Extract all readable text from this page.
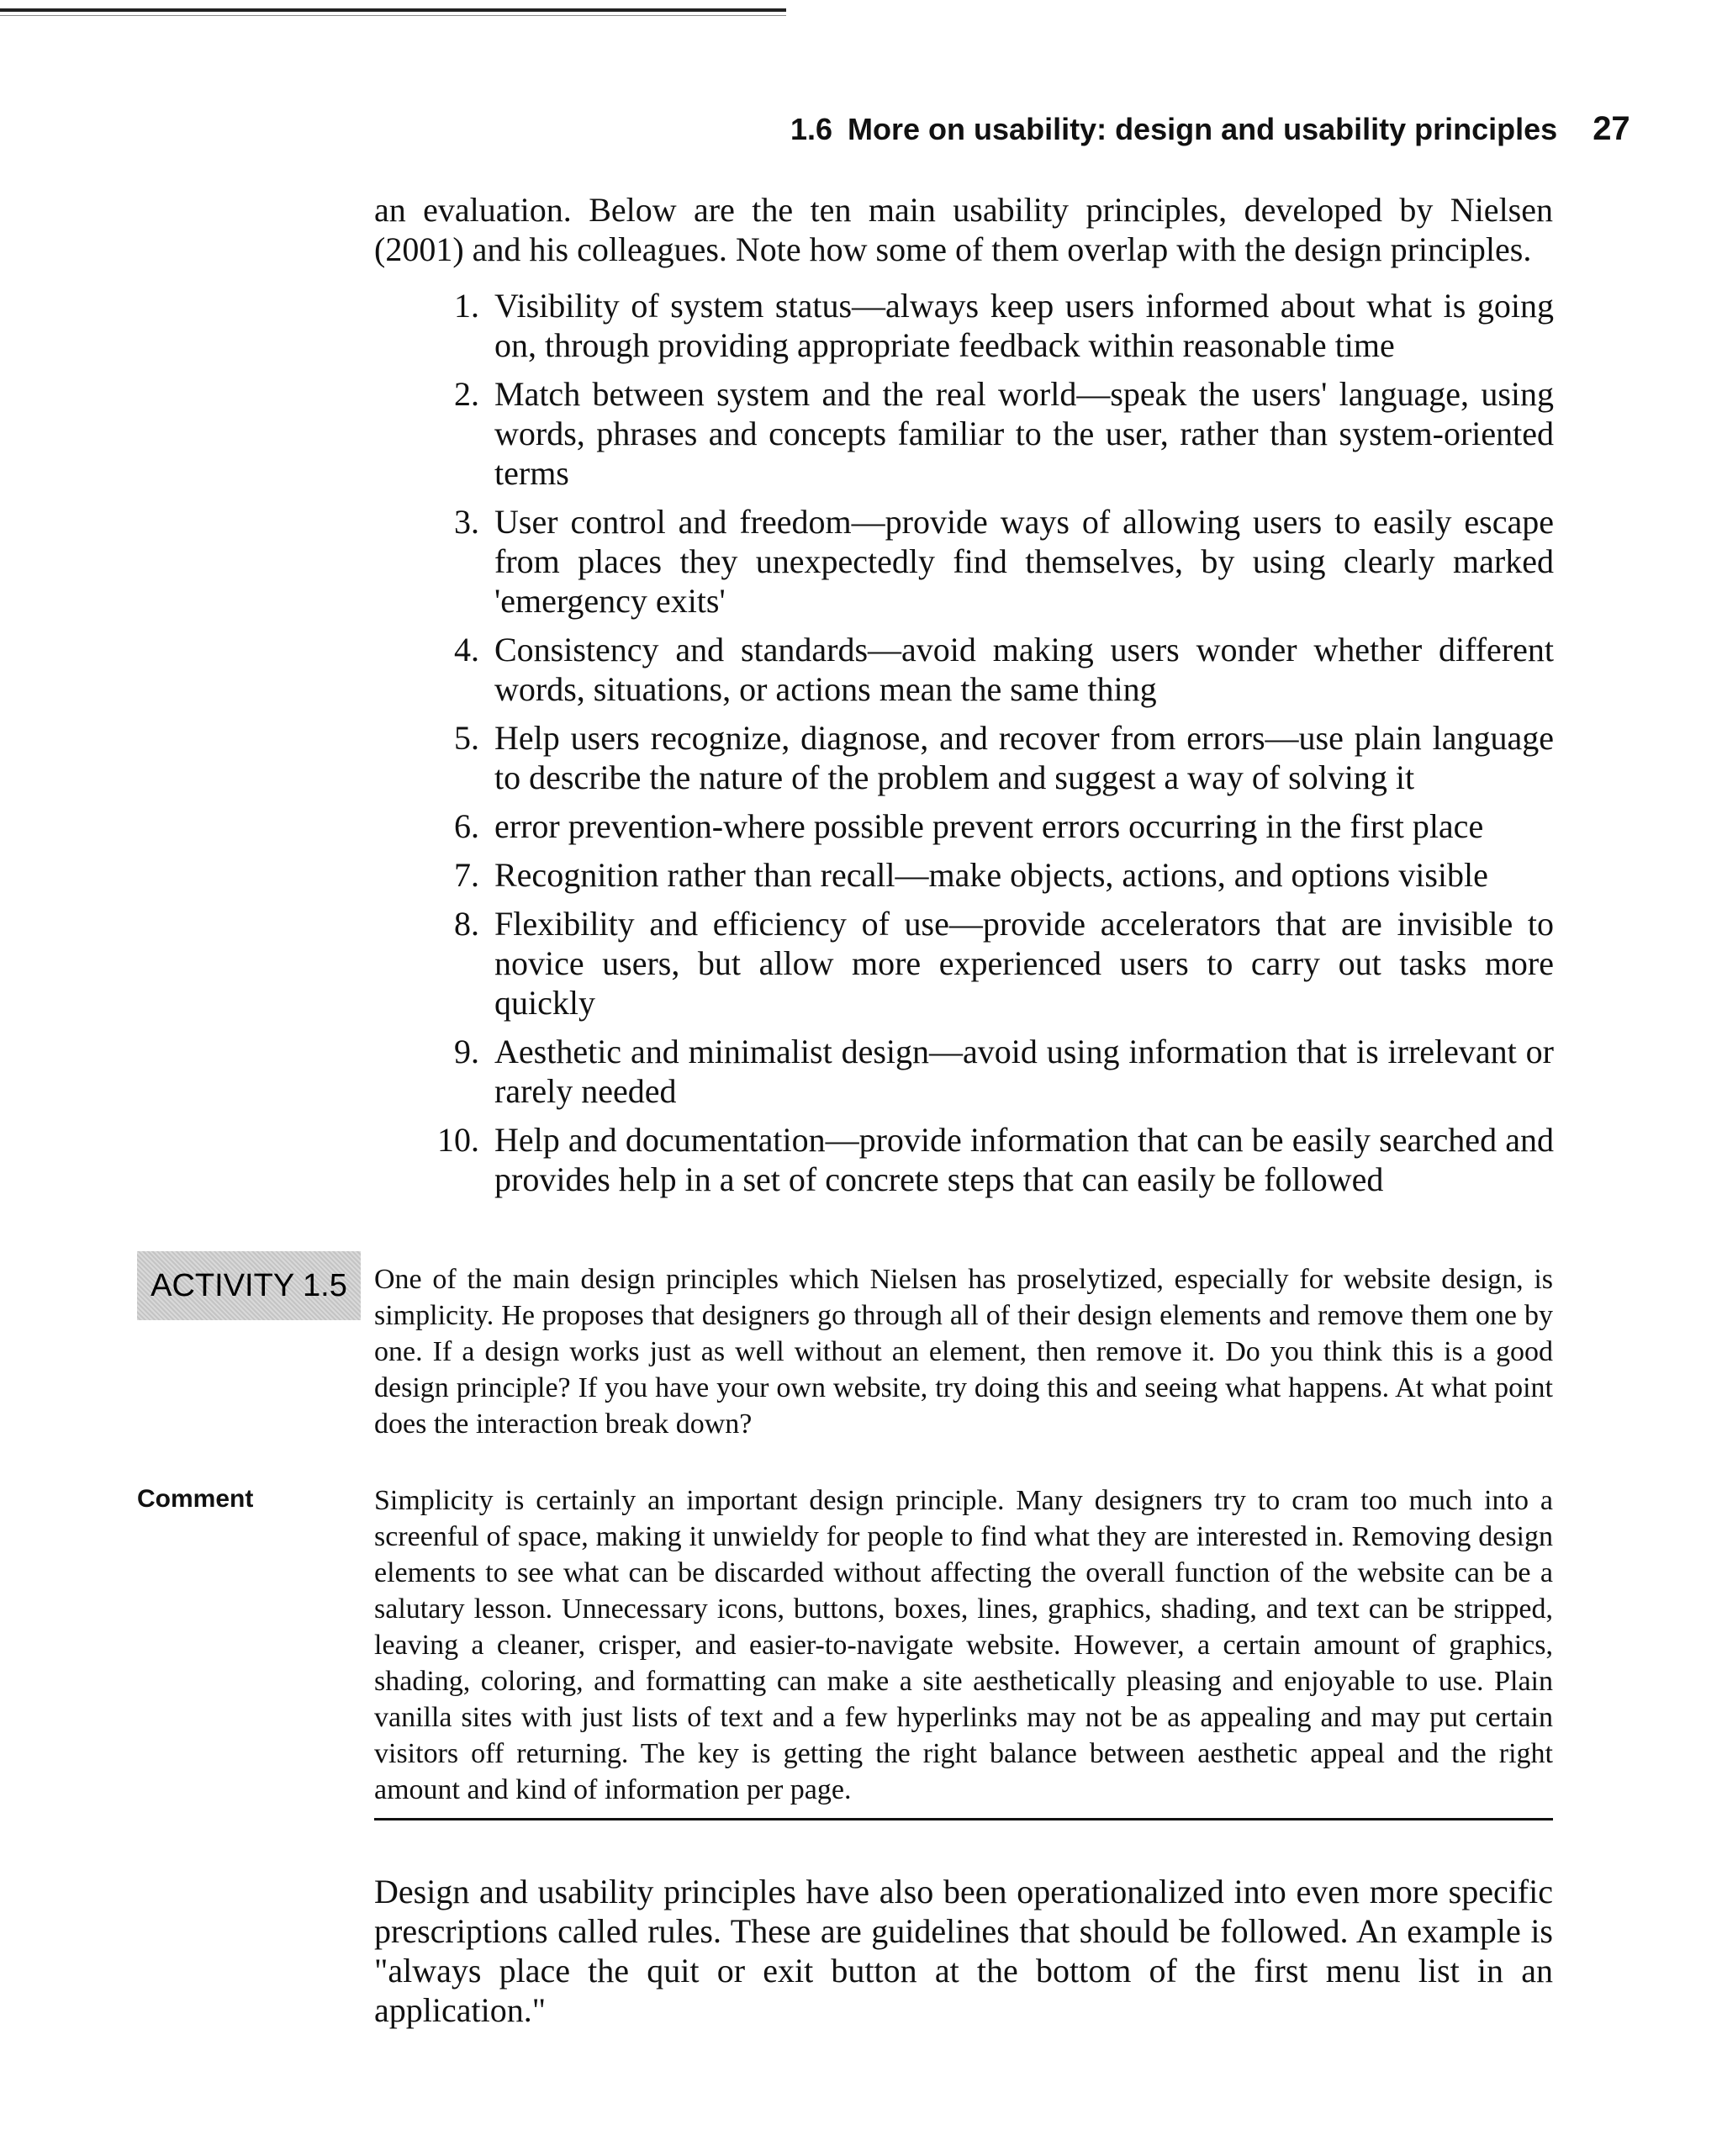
1.6 More on usability: design and usability principles 27

an evaluation. Below are the ten main usability principles, developed by Nielsen (2001) and his colleagues. Note how some of them overlap with the design principles.

1. Visibility of system status—always keep users informed about what is going on, through providing appropriate feedback within reasonable time
2. Match between system and the real world—speak the users' language, using words, phrases and concepts familiar to the user, rather than system-oriented terms
3. User control and freedom—provide ways of allowing users to easily escape from places they unexpectedly find themselves, by using clearly marked 'emergency exits'
4. Consistency and standards—avoid making users wonder whether different words, situations, or actions mean the same thing
5. Help users recognize, diagnose, and recover from errors—use plain language to describe the nature of the problem and suggest a way of solving it
6. error prevention-where possible prevent errors occurring in the first place
7. Recognition rather than recall—make objects, actions, and options visible
8. Flexibility and efficiency of use—provide accelerators that are invisible to novice users, but allow more experienced users to carry out tasks more quickly
9. Aesthetic and minimalist design—avoid using information that is irrelevant or rarely needed
10. Help and documentation—provide information that can be easily searched and provides help in a set of concrete steps that can easily be followed
ACTIVITY 1.5 One of the main design principles which Nielsen has proselytized, especially for website design, is simplicity. He proposes that designers go through all of their design elements and remove them one by one. If a design works just as well without an element, then remove it. Do you think this is a good design principle? If you have your own website, try doing this and seeing what happens. At what point does the interaction break down?

Comment	Simplicity is certainly an important design principle. Many designers try to cram too much into a screenful of space, making it unwieldy for people to find what they are interested in. Removing design elements to see what can be discarded without affecting the overall function of the website can be a salutary lesson. Unnecessary icons, buttons, boxes, lines, graphics, shading, and text can be stripped, leaving a cleaner, crisper, and easier-to-navigate website. However, a certain amount of graphics, shading, coloring, and formatting can make a site aesthetically pleasing and enjoyable to use. Plain vanilla sites with just lists of text and a few hyperlinks may not be as appealing and may put certain visitors off returning. The key is getting the right balance between aesthetic appeal and the right amount and kind of information per page.

Design and usability principles have also been operationalized into even more specific prescriptions called rules. These are guidelines that should be followed. An example is "always place the quit or exit button at the bottom of the first menu list in an application."
